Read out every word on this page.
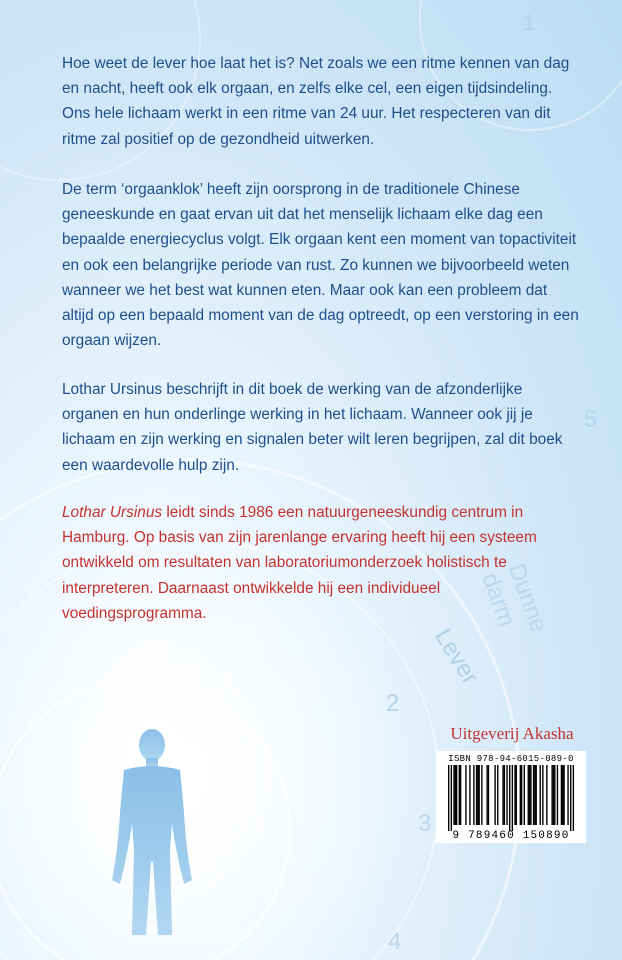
Lever
Dunne darm
1
2
3
4
5

Hoe weet de lever hoe laat het is? Net zoals we een ritme kennen van dag en nacht, heeft ook elk orgaan, en zelfs elke cel, een eigen tijdsindeling. Ons hele lichaam werkt in een ritme van 24 uur. Het respecteren van dit ritme zal positief op de gezondheid uitwerken.

De term ‘orgaanklok’ heeft zijn oorsprong in de traditionele Chinese geneeskunde en gaat ervan uit dat het menselijk lichaam elke dag een bepaalde energiecyclus volgt. Elk orgaan kent een moment van topactiviteit en ook een belangrijke periode van rust. Zo kunnen we bijvoorbeeld weten wanneer we het best wat kunnen eten. Maar ook kan een probleem dat altijd op een bepaald moment van de dag optreedt, op een verstoring in een orgaan wijzen.

Lothar Ursinus beschrijft in dit boek de werking van de afzonderlijke organen en hun onderlinge werking in het lichaam. Wanneer ook jij je lichaam en zijn werking en signalen beter wilt leren begrijpen, zal dit boek een waardevolle hulp zijn.

Lothar Ursinus leidt sinds 1986 een natuurgeneeskundig centrum in Hamburg. Op basis van zijn jarenlange ervaring heeft hij een systeem ontwikkeld om resultaten van laboratoriumonderzoek holistisch te interpreteren. Daarnaast ontwikkelde hij een individueel voedingsprogramma.

Uitgeverij Akasha
ISBN 978-94-6015-089-0
9 789460 150890
